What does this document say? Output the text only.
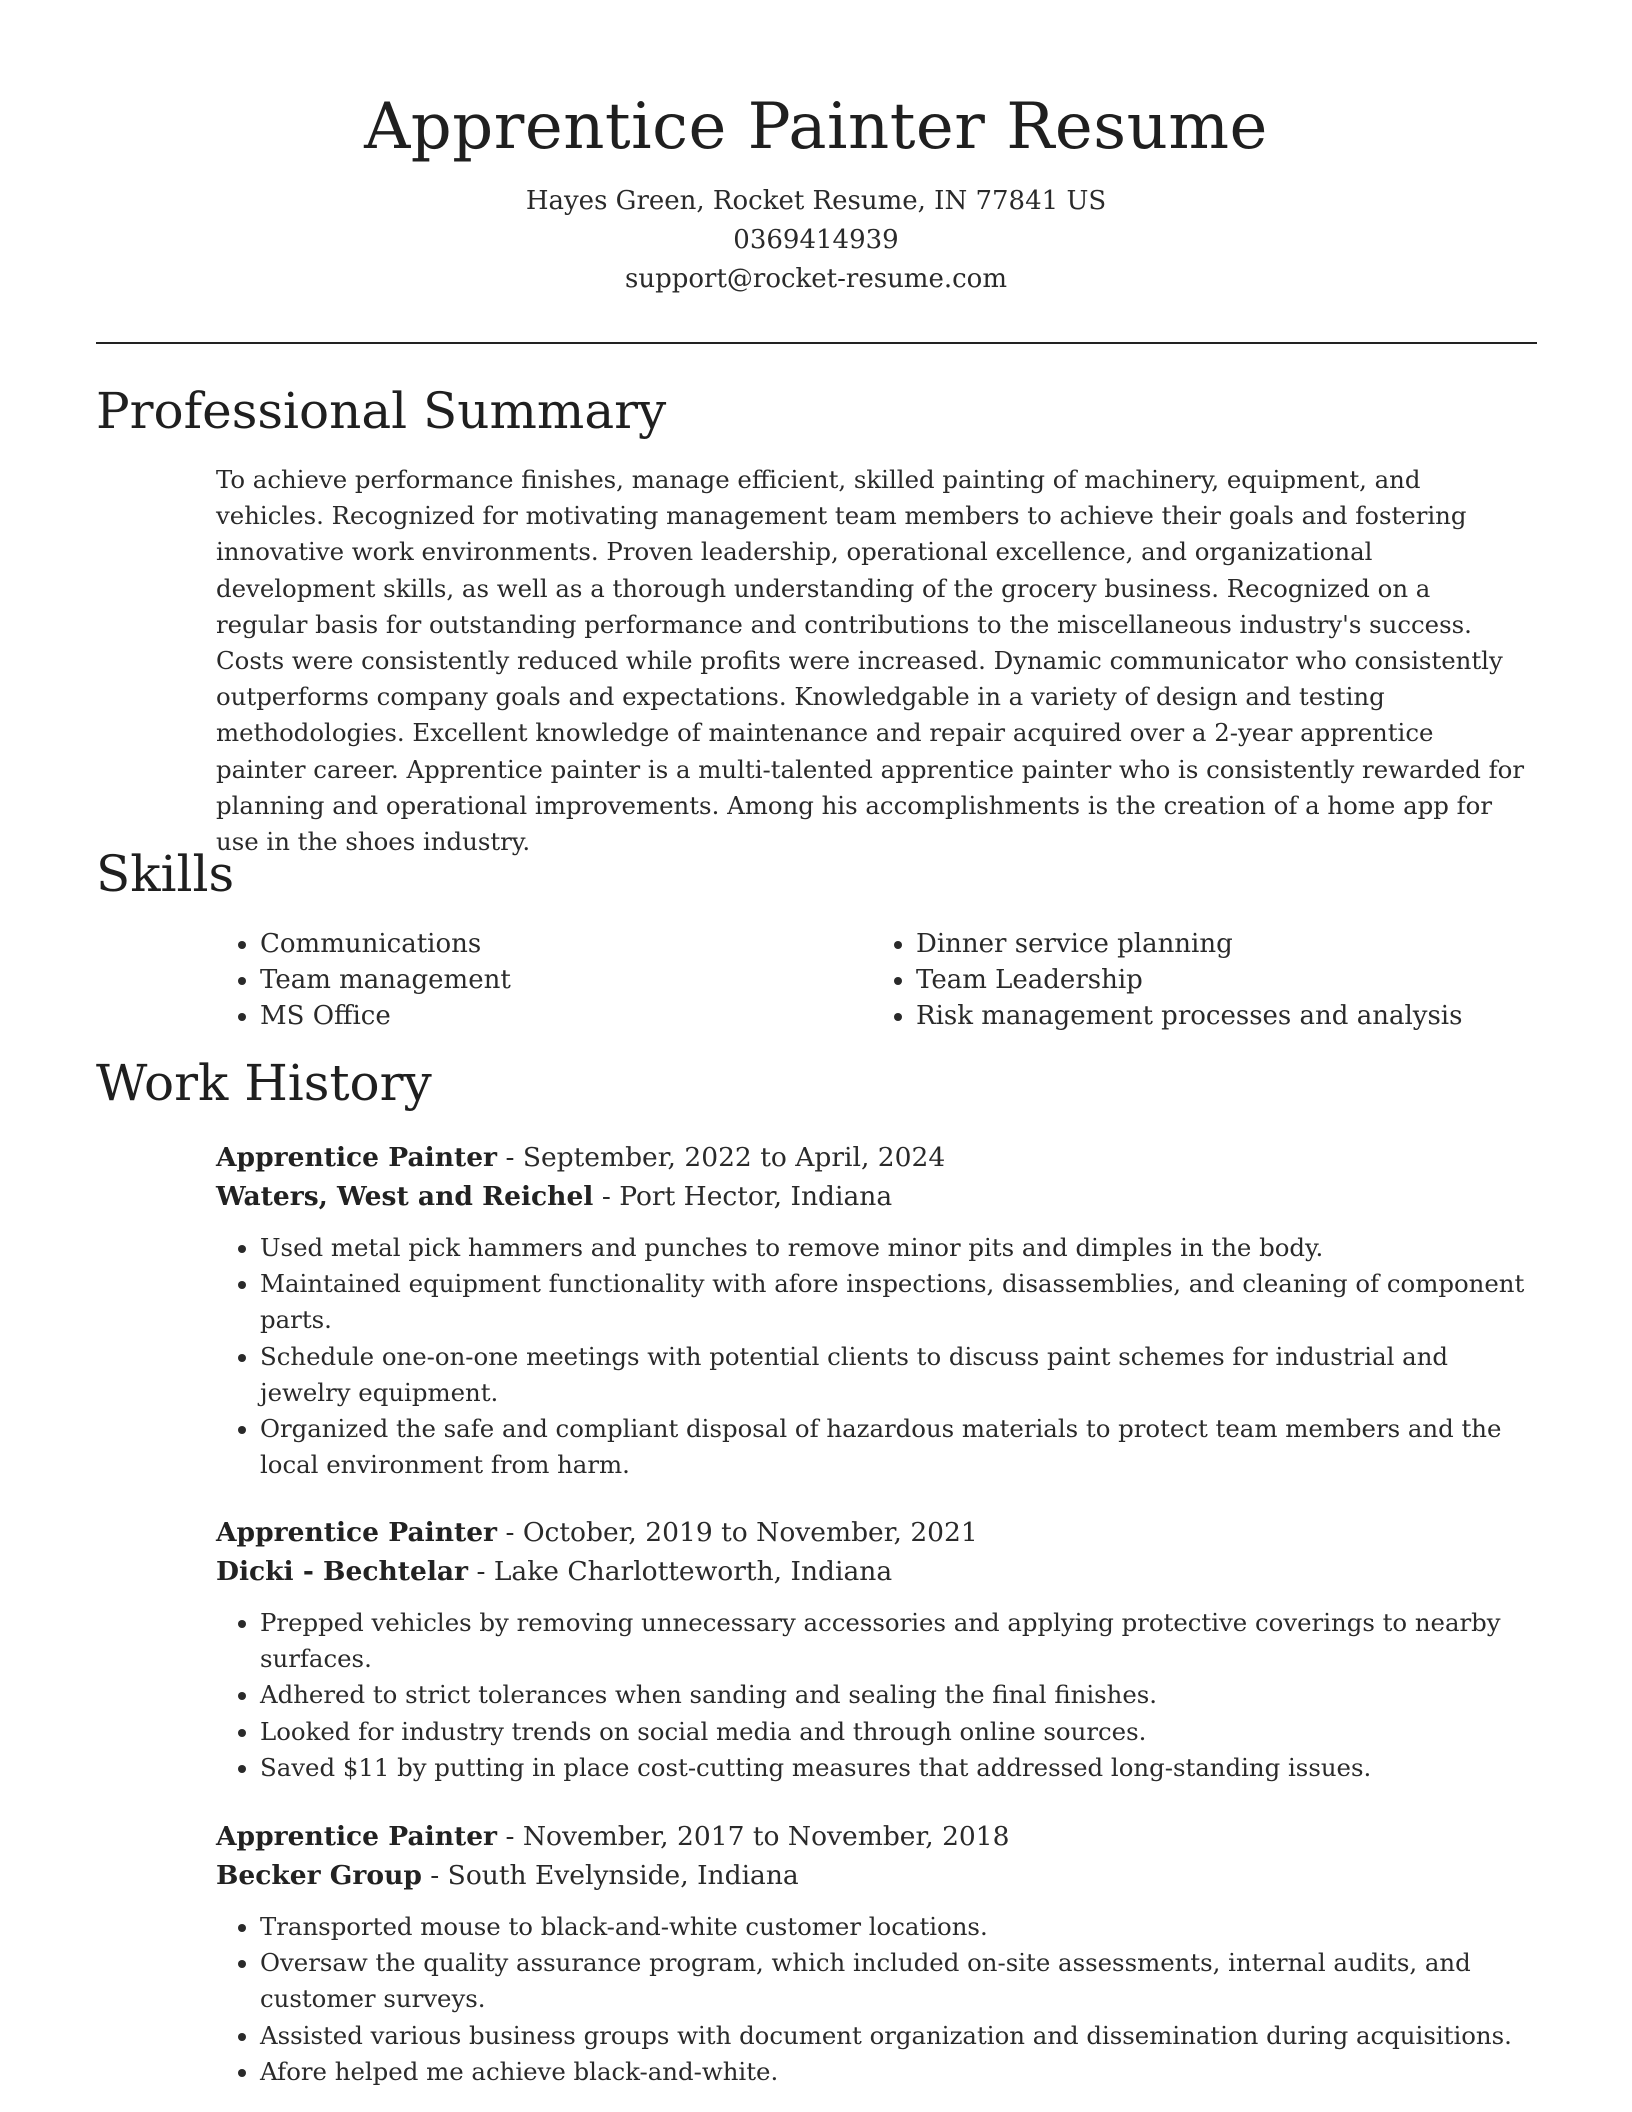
Apprentice Painter Resume
Hayes Green, Rocket Resume, IN 77841 US
0369414939
support@rocket-resume.com
Professional Summary

To achieve performance finishes, manage efficient, skilled painting of machinery, equipment, and vehicles. Recognized for motivating management team members to achieve their goals and fostering innovative work environments. Proven leadership, operational excellence, and organizational development skills, as well as a thorough understanding of the grocery business. Recognized on a regular basis for outstanding performance and contributions to the miscellaneous industry's success. Costs were consistently reduced while profits were increased. Dynamic communicator who consistently outperforms company goals and expectations. Knowledgable in a variety of design and testing methodologies. Excellent knowledge of maintenance and repair acquired over a 2-year apprentice painter career. Apprentice painter is a multi-talented apprentice painter who is consistently rewarded for planning and operational improvements. Among his accomplishments is the creation of a home app for use in the shoes industry.

Skills
• Communications
• Team management
• MS Office
• Dinner service planning
• Team Leadership
• Risk management processes and analysis
Work History
Apprentice Painter - September, 2022 to April, 2024
Waters, West and Reichel - Port Hector, Indiana
• Used metal pick hammers and punches to remove minor pits and dimples in the body.
• Maintained equipment functionality with afore inspections, disassemblies, and cleaning of component parts.
• Schedule one-on-one meetings with potential clients to discuss paint schemes for industrial and jewelry equipment.
• Organized the safe and compliant disposal of hazardous materials to protect team members and the local environment from harm.
Apprentice Painter - October, 2019 to November, 2021
Dicki - Bechtelar - Lake Charlotteworth, Indiana
• Prepped vehicles by removing unnecessary accessories and applying protective coverings to nearby surfaces.
• Adhered to strict tolerances when sanding and sealing the final finishes.
• Looked for industry trends on social media and through online sources.
• Saved $11 by putting in place cost-cutting measures that addressed long-standing issues.
Apprentice Painter - November, 2017 to November, 2018
Becker Group - South Evelynside, Indiana
• Transported mouse to black-and-white customer locations.
• Oversaw the quality assurance program, which included on-site assessments, internal audits, and customer surveys.
• Assisted various business groups with document organization and dissemination during acquisitions.
• Afore helped me achieve black-and-white.
